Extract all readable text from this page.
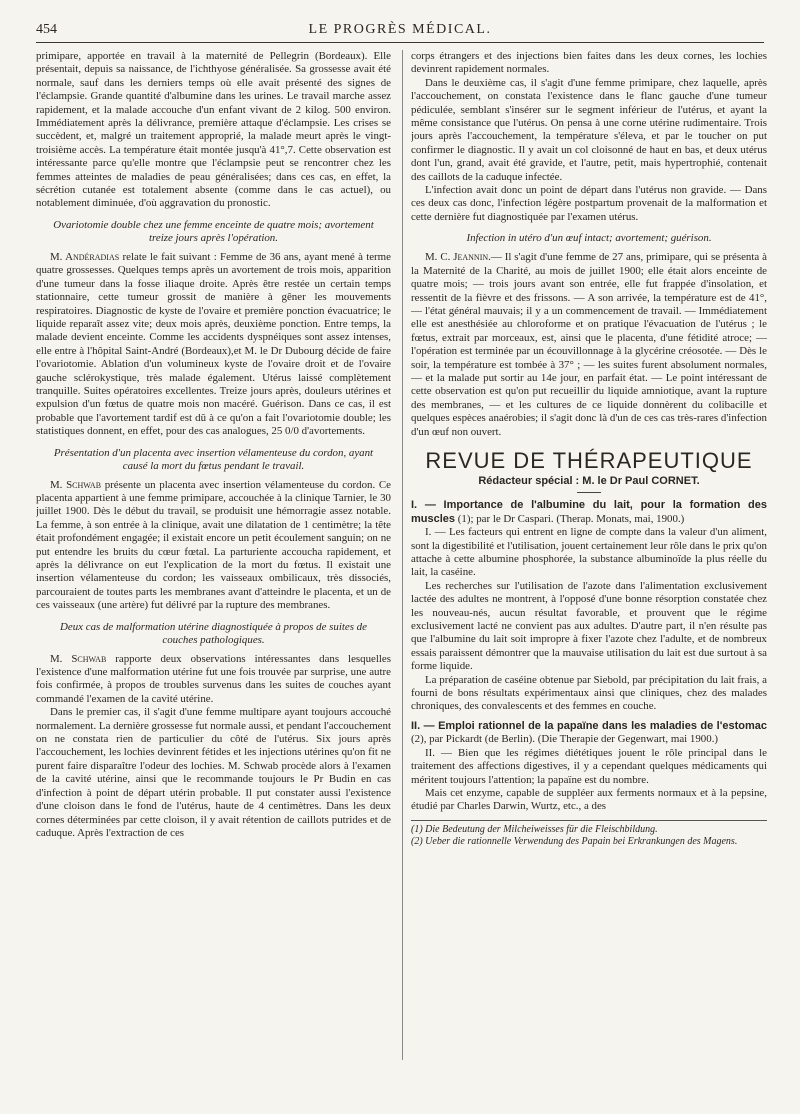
454	LE PROGRÈS MÉDICAL.

primipare, apportée en travail à la maternité de Pellegrin (Bordeaux). Elle présentait, depuis sa naissance, de l'ichthyose généralisée. Sa grossesse avait été normale, sauf dans les derniers temps où elle avait présenté des signes de l'éclampsie. Grande quantité d'albumine dans les urines. Le travail marche assez rapidement, et la malade accouche d'un enfant vivant de 2 kilog. 500 environ. Immédiatement après la délivrance, première attaque d'éclampsie. Les crises se succèdent, et, malgré un traitement approprié, la malade meurt après le vingt-troisième accès. La température était montée jusqu'à 41°,7. Cette observation est intéressante parce qu'elle montre que l'éclampsie peut se rencontrer chez les femmes atteintes de maladies de peau généralisées; dans ces cas, en effet, la sécrétion cutanée est totalement absente (comme dans le cas actuel), ou notablement diminuée, d'où aggravation du pronostic.

Ovariotomie double chez une femme enceinte de quatre mois; avortement treize jours après l'opération.

M. Andéradias relate le fait suivant : Femme de 36 ans, ayant mené à terme quatre grossesses. Quelques temps après un avortement de trois mois, apparition d'une tumeur dans la fosse iliaque droite. Après être restée un certain temps stationnaire, cette tumeur grossit de manière à gêner les mouvements respiratoires. Diagnostic de kyste de l'ovaire et première ponction évacuatrice; le liquide reparaît assez vite; deux mois après, deuxième ponction. Entre temps, la malade devient enceinte. Comme les accidents dyspnéiques sont assez intenses, elle entre à l'hôpital Saint-André (Bordeaux),et M. le Dr Dubourg décide de faire l'ovariotomie. Ablation d'un volumineux kyste de l'ovaire droit et de l'ovaire gauche sclérokystique, très malade également. Utérus laissé complètement tranquille. Suites opératoires excellentes. Treize jours après, douleurs utérines et expulsion d'un fœtus de quatre mois non macéré. Guérison. Dans ce cas, il est probable que l'avortement tardif est dû à ce qu'on a fait l'ovariotomie double; les statistiques donnent, en effet, pour des cas analogues, 25 0/0 d'avortements.

Présentation d'un placenta avec insertion vélamenteuse du cordon, ayant causé la mort du fœtus pendant le travail.

M. Schwab présente un placenta avec insertion vélamenteuse du cordon. Ce placenta appartient à une femme primipare, accouchée à la clinique Tarnier, le 30 juillet 1900. Dès le début du travail, se produisit une hémorragie assez notable. La femme, à son entrée à la clinique, avait une dilatation de 1 centimètre; la tête était profondément engagée; il existait encore un petit écoulement sanguin; on ne put entendre les bruits du cœur fœtal. La parturiente accoucha rapidement, et après la délivrance on eut l'explication de la mort du fœtus. Il existait une insertion vélamenteuse du cordon; les vaisseaux ombilicaux, très dissociés, parcouraient de toutes parts les membranes avant d'atteindre le placenta, et un de ces vaisseaux (une artère) fut délivré par la rupture des membranes.

Deux cas de malformation utérine diagnostiquée à propos de suites de couches pathologiques.

M. Schwab rapporte deux observations intéressantes dans lesquelles l'existence d'une malformation utérine fut une fois trouvée par surprise, une autre fois confirmée, à propos de troubles survenus dans les suites de couches ayant commandé l'examen de la cavité utérine.

Dans le premier cas, il s'agit d'une femme multipare ayant toujours accouché normalement. La dernière grossesse fut normale aussi, et pendant l'accouchement on ne constata rien de particulier du côté de l'utérus. Six jours après l'accouchement, les lochies devinrent fétides et les injections utérines qu'on fit ne purent faire disparaître l'odeur des lochies. M. Schwab procède alors à l'examen de la cavité utérine, ainsi que le recommande toujours le Pr Budin en cas d'infection à point de départ utérin probable. Il put constater aussi l'existence d'une cloison dans le fond de l'utérus, haute de 4 centimètres. Dans les deux cornes déterminées par cette cloison, il y avait rétention de caillots putrides et de caduque. Après l'extraction de ces

corps étrangers et des injections bien faites dans les deux cornes, les lochies devinrent rapidement normales.

Dans le deuxième cas, il s'agit d'une femme primipare, chez laquelle, après l'accouchement, on constata l'existence dans le flanc gauche d'une tumeur pédiculée, semblant s'insérer sur le segment inférieur de l'utérus, et ayant la même consistance que l'utérus. On pensa à une corne utérine rudimentaire. Trois jours après l'accouchement, la température s'éleva, et par le toucher on put confirmer le diagnostic. Il y avait un col cloisonné de haut en bas, et deux utérus dont l'un, grand, avait été gravide, et l'autre, petit, mais hypertrophié, contenait des caillots de la caduque infectée.

L'infection avait donc un point de départ dans l'utérus non gravide. — Dans ces deux cas donc, l'infection légère postpartum provenait de la malformation et cette dernière fut diagnostiquée par l'examen utérus.

Infection in utéro d'un œuf intact; avortement; guérison.

M. C. Jeannin.— Il s'agit d'une femme de 27 ans, primipare, qui se présenta à la Maternité de la Charité, au mois de juillet 1900; elle était alors enceinte de quatre mois; — trois jours avant son entrée, elle fut frappée d'insolation, et ressentit de la fièvre et des frissons. — A son arrivée, la température est de 41°, — l'état général mauvais; il y a un commencement de travail. — Immédiatement elle est anesthésiée au chloroforme et on pratique l'évacuation de l'utérus ; le fœtus, extrait par morceaux, est, ainsi que le placenta, d'une fétidité atroce; — l'opération est terminée par un écouvillonnage à la glycérine créosotée. — Dès le soir, la température est tombée à 37° ; — les suites furent absolument normales, — et la malade put sortir au 14e jour, en parfait état. — Le point intéressant de cette observation est qu'on put recueillir du liquide amniotique, avant la rupture des membranes, — et les cultures de ce liquide donnèrent du colibacille et quelques espèces anaérobies; il s'agit donc là d'un de ces cas très-rares d'infection d'un œuf non ouvert.

REVUE DE THÉRAPEUTIQUE
Rédacteur spécial : M. le Dr Paul CORNET.

I. — Importance de l'albumine du lait, pour la formation des muscles (1); par le Dr Caspari. (Therap. Monats, mai, 1900.)

I. — Les facteurs qui entrent en ligne de compte dans la valeur d'un aliment, sont la digestibilité et l'utilisation, jouent certainement leur rôle dans le prix qu'on attache à cette albumine phosphorée, la substance albuminoïde la plus réelle du lait, la caséine.

Les recherches sur l'utilisation de l'azote dans l'alimentation exclusivement lactée des adultes ne montrent, à l'opposé d'une bonne résorption constatée chez les nouveau-nés, aucun résultat favorable, et prouvent que le régime exclusivement lacté ne convient pas aux adultes. D'autre part, il n'en résulte pas que l'albumine du lait soit impropre à fixer l'azote chez l'adulte, et de nombreux essais paraissent démontrer que la mauvaise utilisation du lait est due surtout à sa forme liquide.

La préparation de caséine obtenue par Siebold, par précipitation du lait frais, a fourni de bons résultats expérimentaux ainsi que cliniques, chez des malades chroniques, des convalescents et des femmes en couche.

II. — Emploi rationnel de la papaïne dans les maladies de l'estomac (2), par Pickardt (de Berlin). (Die Therapie der Gegenwart, mai 1900.)

II. — Bien que les régimes diététiques jouent le rôle principal dans le traitement des affections digestives, il y a cependant quelques médicaments qui méritent toujours l'attention; la papaïne est du nombre.

Mais cet enzyme, capable de suppléer aux ferments normaux et à la pepsine, étudié par Charles Darwin, Wurtz, etc., a des

(1) Die Bedeutung der Milcheiweisses für die Fleischbildung.
(2) Ueber die rationnelle Verwendung des Papain bei Erkrankungen des Magens.
